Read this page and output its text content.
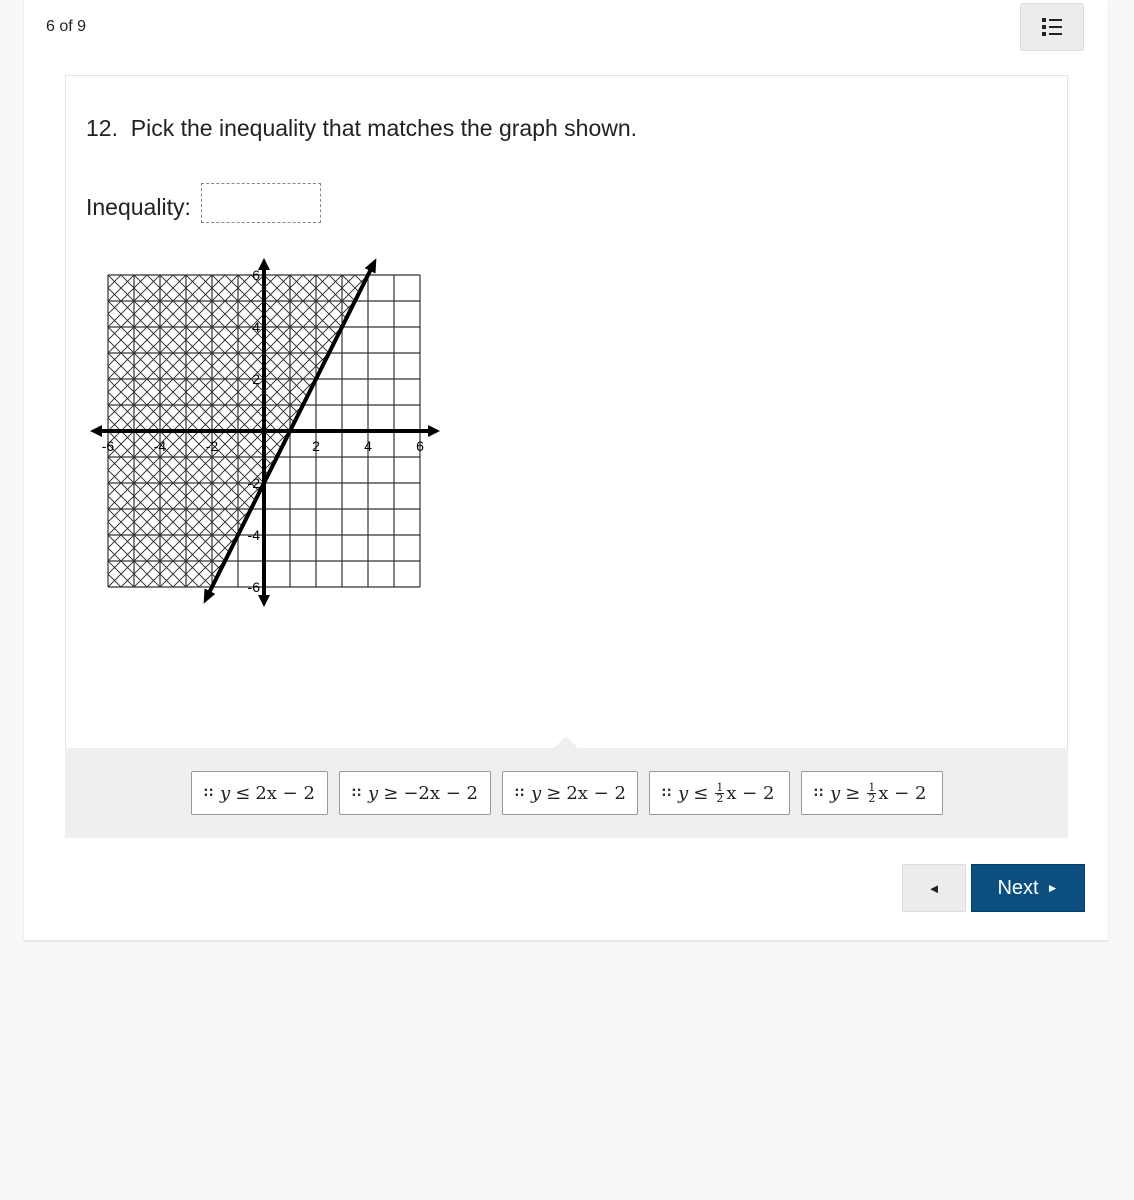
6 of 9
12. Pick the inequality that matches the graph shown.
Inequality:
-6	-4	-2	2	4	6
6
4
2
-2
-4
-6
∷ y ≤ 2 x − 2	∷ y ≥ −2 x − 2	∷ y ≥ 2 x − 2	∷ $y \le \frac{1}{2}$ x − 2	∷ $y \ge \frac{1}{2}$ x − 2
◄	Next ►
